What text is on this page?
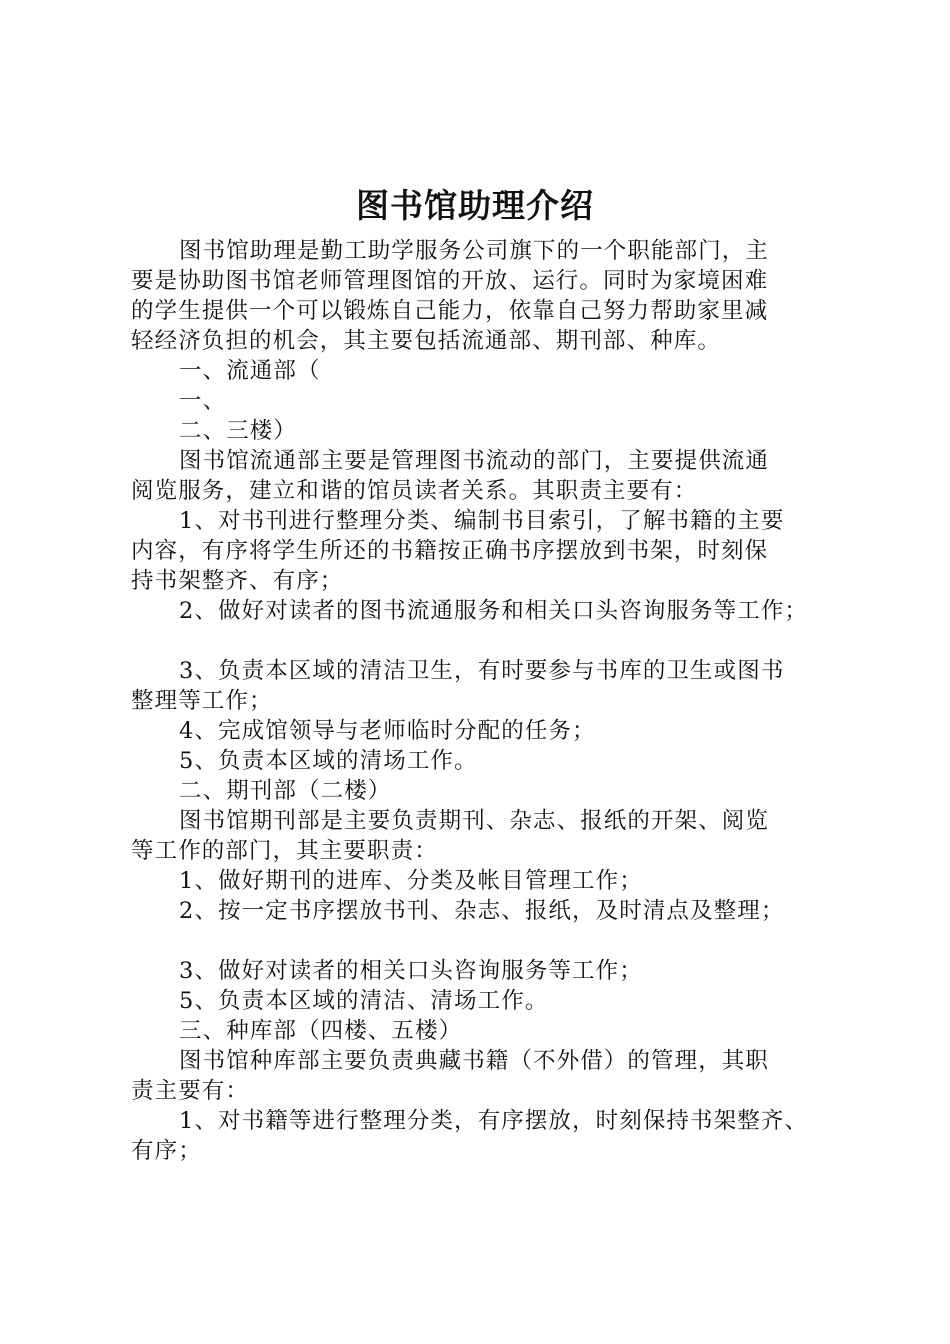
图书馆助理介绍

图书馆助理是勤工助学服务公司旗下的一个职能部门，主

要是协助图书馆老师管理图馆的开放、运行。同时为家境困难

的学生提供一个可以锻炼自己能力，依靠自己努力帮助家里减

轻经济负担的机会，其主要包括流通部、期刊部、种库。

一、流通部（

一、

二、三楼）

图书馆流通部主要是管理图书流动的部门，主要提供流通

阅览服务，建立和谐的馆员读者关系。其职责主要有：

1、对书刊进行整理分类、编制书目索引，了解书籍的主要

内容，有序将学生所还的书籍按正确书序摆放到书架，时刻保

持书架整齐、有序；

2、做好对读者的图书流通服务和相关口头咨询服务等工作；

3、负责本区域的清洁卫生，有时要参与书库的卫生或图书

整理等工作；

4、完成馆领导与老师临时分配的任务；

5、负责本区域的清场工作。

二、期刊部（二楼）

图书馆期刊部是主要负责期刊、杂志、报纸的开架、阅览

等工作的部门，其主要职责：

1、做好期刊的进库、分类及帐目管理工作；

2、按一定书序摆放书刊、杂志、报纸，及时清点及整理；

3、做好对读者的相关口头咨询服务等工作；

5、负责本区域的清洁、清场工作。

三、种库部（四楼、五楼）

图书馆种库部主要负责典藏书籍（不外借）的管理，其职

责主要有：

1、对书籍等进行整理分类，有序摆放，时刻保持书架整齐、

有序；
